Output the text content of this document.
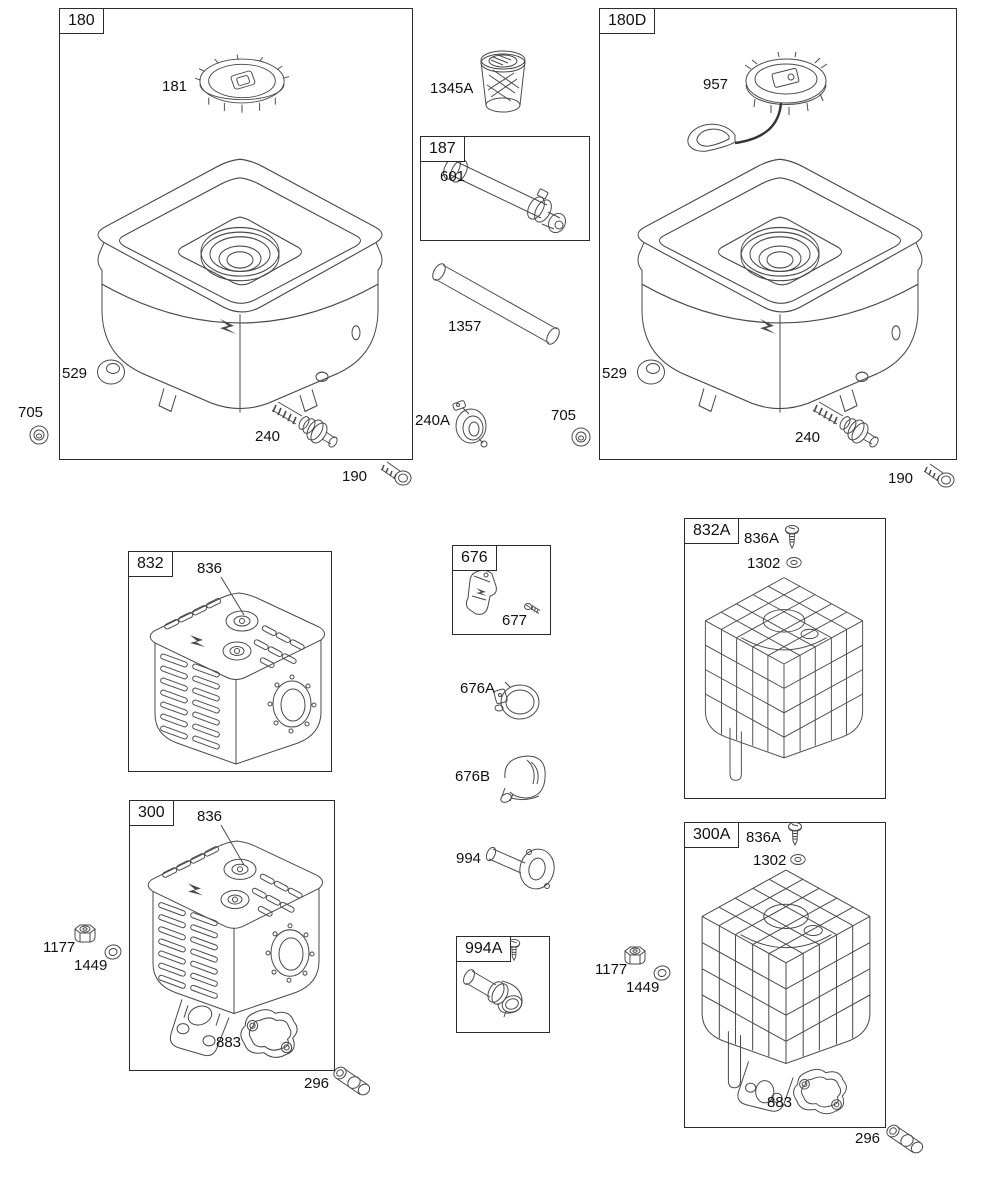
180	180D
187
832	676
832A
300
994A
300A
181
529
240
705
190
1345A
601
1357
240A	705
957
529
240
190
836
677
676A
676B
994
836A
1302
836
883
1177
1449
296
1177
1449
836A
1302
883
296
